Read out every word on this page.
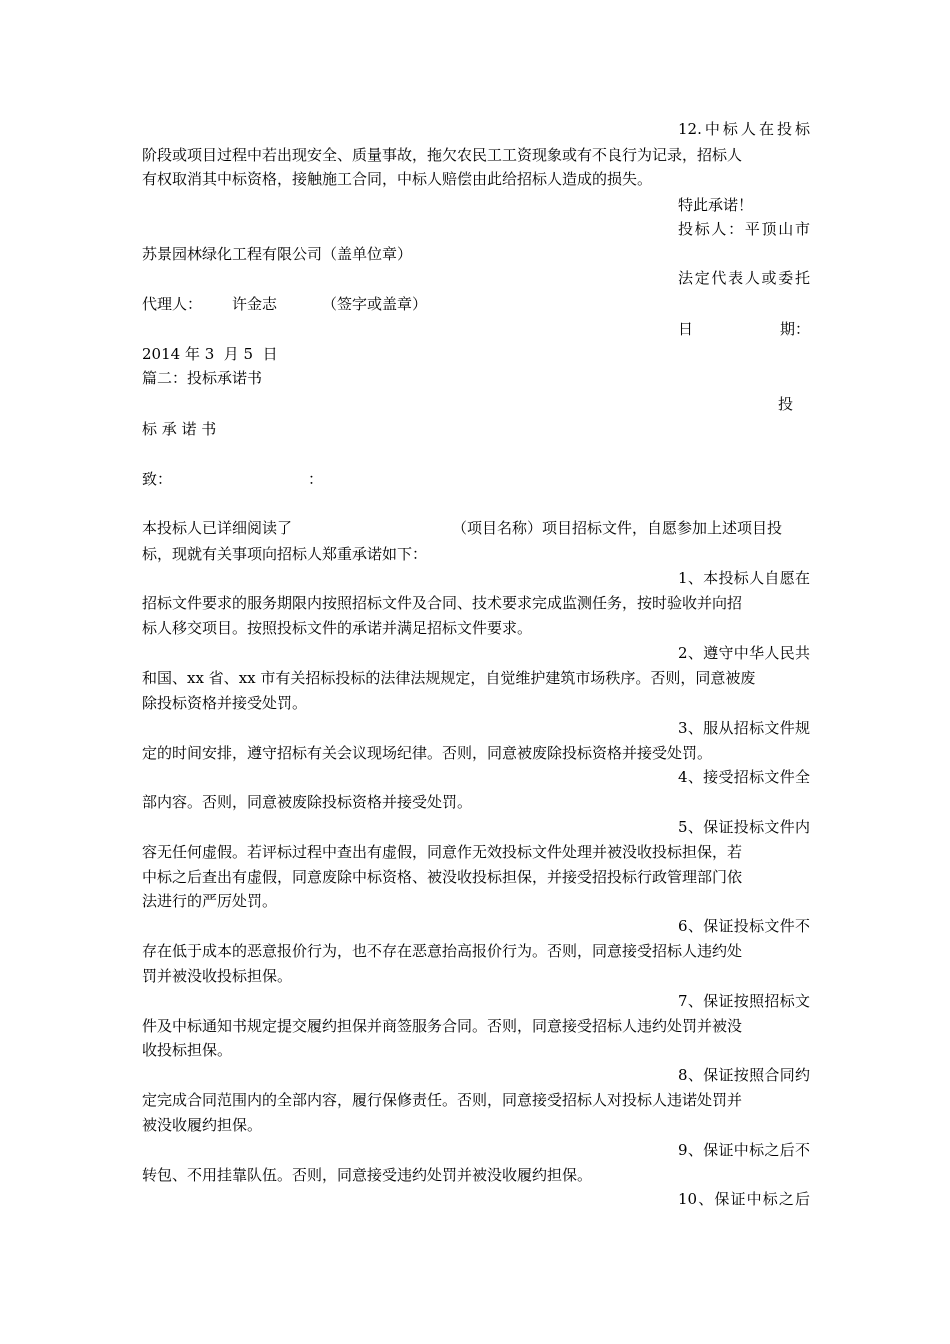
12.中标人在投标
阶段或项目过程中若出现安全、质量事故，拖欠农民工工资现象或有不良行为记录，招标人
有权取消其中标资格，接触施工合同，中标人赔偿由此给招标人造成的损失。
特此承诺！
投标人：平顶山市
苏景园林绿化工程有限公司（盖单位章）
法定代表人或委托
代理人： 许金志	（签字或盖章）
日	期：
2014 年 3  月 5  日
篇二：投标承诺书
投
标 承 诺 书
致：	：
本投标人已详细阅读了	（项目名称）项目招标文件，自愿参加上述项目投
标，现就有关事项向招标人郑重承诺如下：
1、本投标人自愿在
招标文件要求的服务期限内按照招标文件及合同、技术要求完成监测任务，按时验收并向招
标人移交项目。按照投标文件的承诺并满足招标文件要求。
2、遵守中华人民共
和国、xx 省、xx 市有关招标投标的法律法规规定，自觉维护建筑市场秩序。否则，同意被废
除投标资格并接受处罚。
3、服从招标文件规
定的时间安排，遵守招标有关会议现场纪律。否则，同意被废除投标资格并接受处罚。
4、接受招标文件全
部内容。否则，同意被废除投标资格并接受处罚。
5、保证投标文件内
容无任何虚假。若评标过程中查出有虚假，同意作无效投标文件处理并被没收投标担保，若
中标之后查出有虚假，同意废除中标资格、被没收投标担保，并接受招投标行政管理部门依
法进行的严厉处罚。
6、保证投标文件不
存在低于成本的恶意报价行为，也不存在恶意抬高报价行为。否则，同意接受招标人违约处
罚并被没收投标担保。
7、保证按照招标文
件及中标通知书规定提交履约担保并商签服务合同。否则，同意接受招标人违约处罚并被没
收投标担保。
8、保证按照合同约
定完成合同范围内的全部内容，履行保修责任。否则，同意接受招标人对投标人违诺处罚并
被没收履约担保。
9、保证中标之后不
转包、不用挂靠队伍。否则，同意接受违约处罚并被没收履约担保。
10、保证中标之后
